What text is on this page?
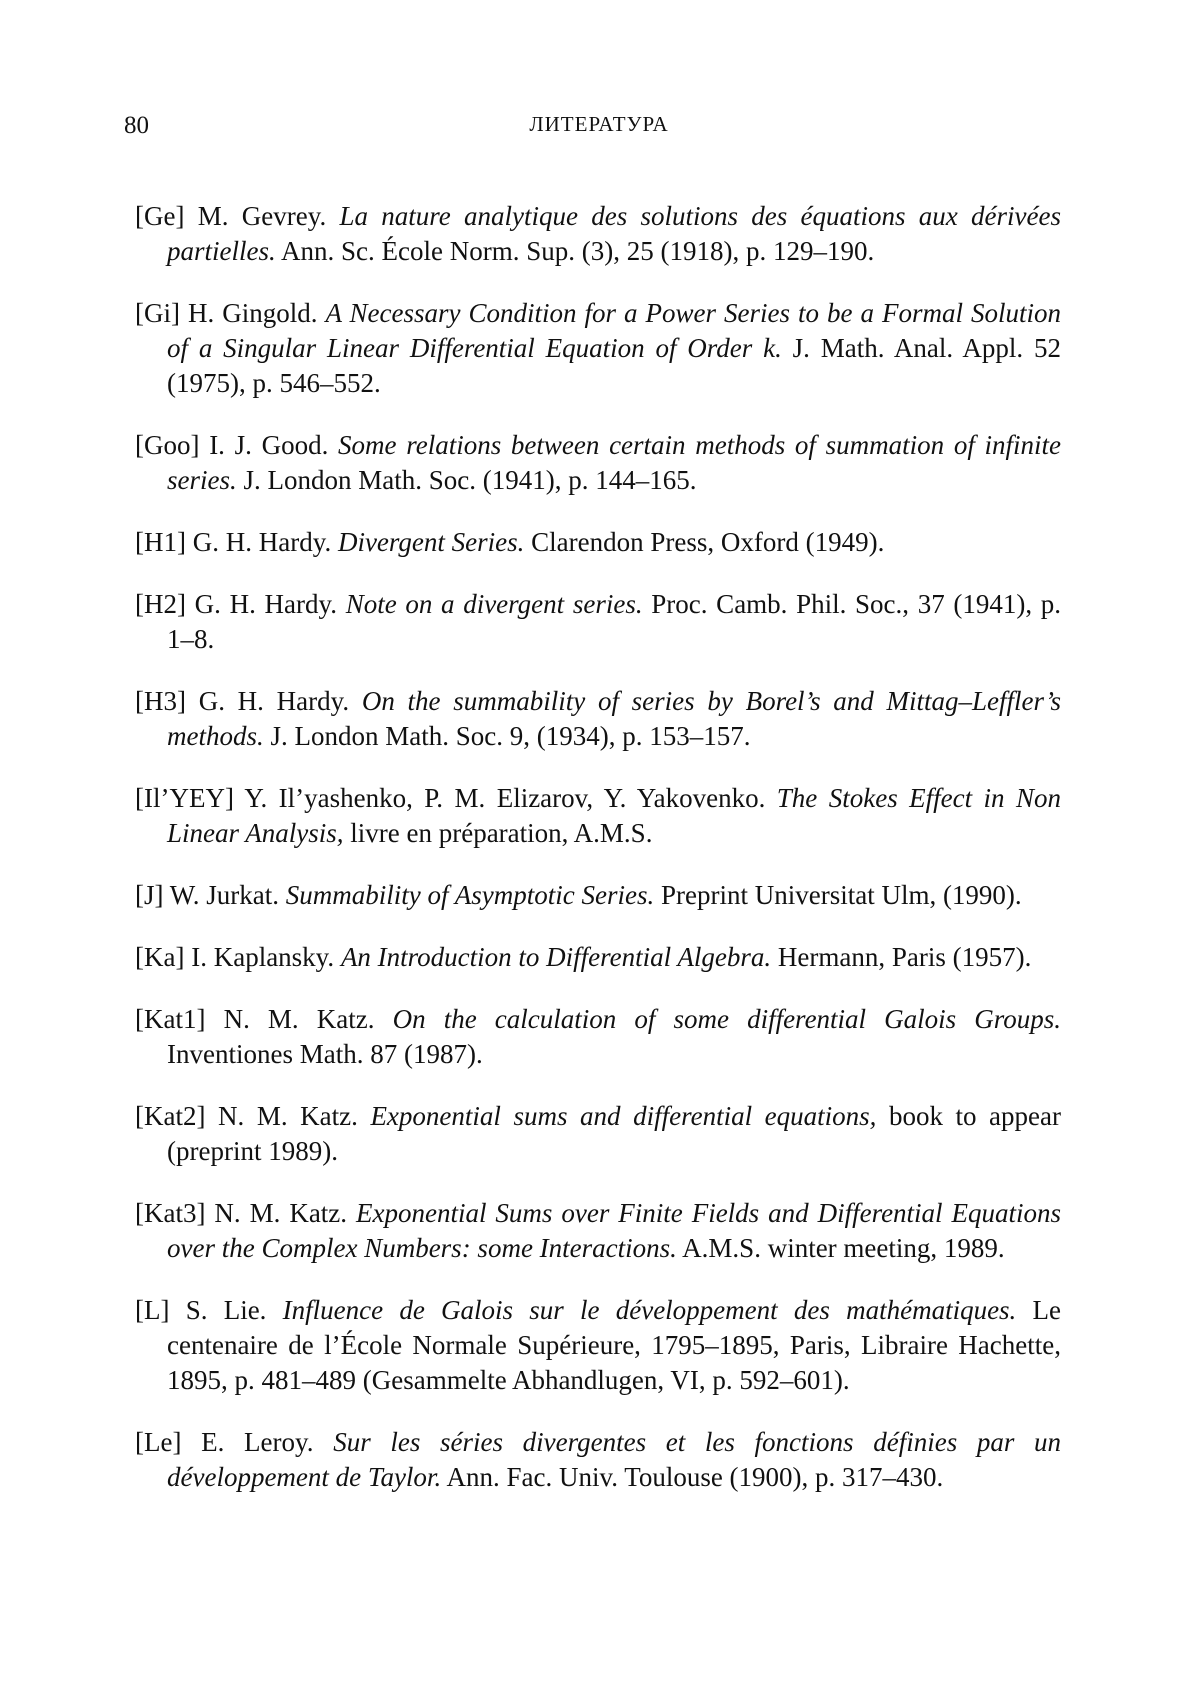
80	ЛИТЕРАТУРА

[Ge] M. Gevrey. La nature analytique des solutions des équations aux dérivées partielles. Ann. Sc. École Norm. Sup. (3), 25 (1918), p. 129–190.

[Gi] H. Gingold. A Necessary Condition for a Power Series to be a Formal Solution of a Singular Linear Differential Equation of Order k. J. Math. Anal. Appl. 52 (1975), p. 546–552.

[Goo] I. J. Good. Some relations between certain methods of summation of infinite series. J. London Math. Soc. (1941), p. 144–165.

[H1] G. H. Hardy. Divergent Series. Clarendon Press, Oxford (1949).

[H2] G. H. Hardy. Note on a divergent series. Proc. Camb. Phil. Soc., 37 (1941), p. 1–8.

[H3] G. H. Hardy. On the summability of series by Borel’s and Mittag–Leffler’s methods. J. London Math. Soc. 9, (1934), p. 153–157.

[Il’YEY] Y. Il’yashenko, P. M. Elizarov, Y. Yakovenko. The Stokes Effect in Non Linear Analysis, livre en préparation, A.M.S.

[J] W. Jurkat. Summability of Asymptotic Series. Preprint Universitat Ulm, (1990).

[Ka] I. Kaplansky. An Introduction to Differential Algebra. Hermann, Paris (1957).

[Kat1] N. M. Katz. On the calculation of some differential Galois Groups. Inventiones Math. 87 (1987).

[Kat2] N. M. Katz. Exponential sums and differential equations, book to appear (preprint 1989).

[Kat3] N. M. Katz. Exponential Sums over Finite Fields and Differential Equations over the Complex Numbers: some Interactions. A.M.S. winter meeting, 1989.

[L] S. Lie. Influence de Galois sur le développement des mathématiques. Le centenaire de l’École Normale Supérieure, 1795–1895, Paris, Libraire Hachette, 1895, p. 481–489 (Gesammelte Abhandlugen, VI, p. 592–601).

[Le] E. Leroy. Sur les séries divergentes et les fonctions définies par un développement de Taylor. Ann. Fac. Univ. Toulouse (1900), p. 317–430.
